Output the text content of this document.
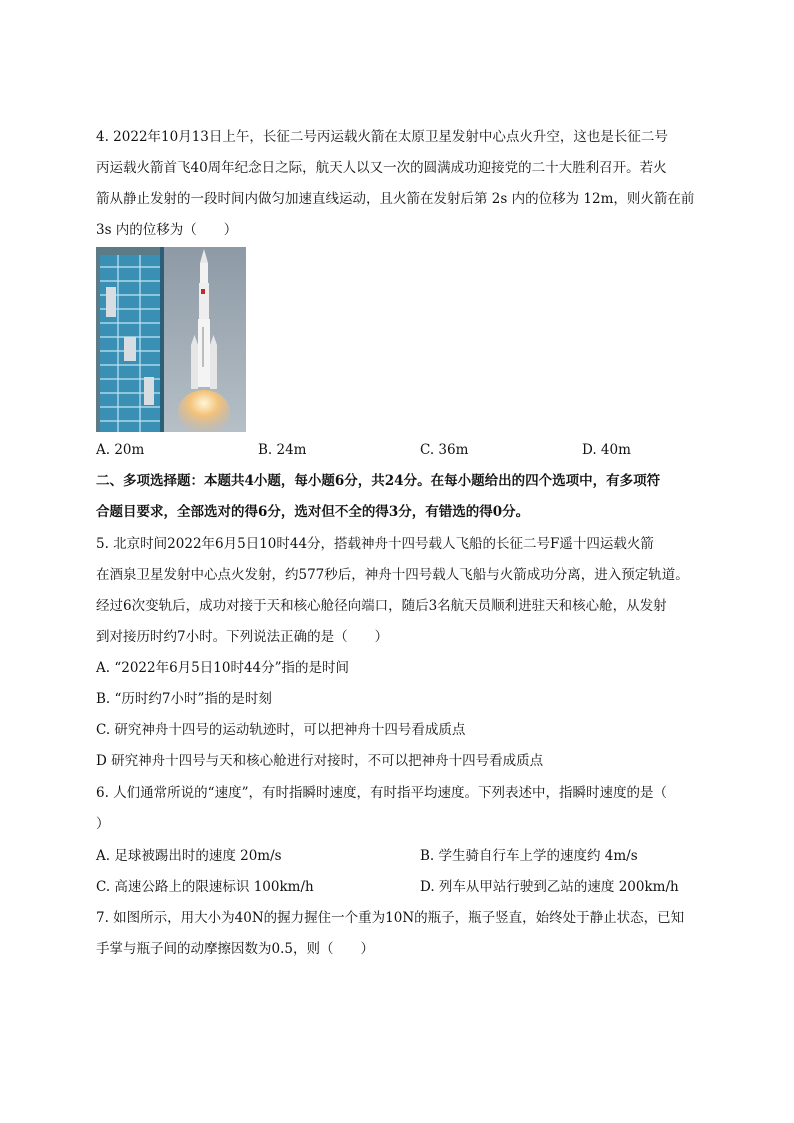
4. 2022年10月13日上午，长征二号丙运载火箭在太原卫星发射中心点火升空，这也是长征二号
丙运载火箭首飞40周年纪念日之际，航天人以又一次的圆满成功迎接党的二十大胜利召开。若火
箭从静止发射的一段时间内做匀加速直线运动，且火箭在发射后第 2s 内的位移为 12m，则火箭在前
3s 内的位移为（　　）
A. 20m	B. 24m	C. 36m	D. 40m
二、多项选择题：本题共4小题，每小题6分，共24分。在每小题给出的四个选项中，有多项符
合题目要求，全部选对的得6分，选对但不全的得3分，有错选的得0分。
5. 北京时间2022年6月5日10时44分，搭载神舟十四号载人飞船的长征二号F遥十四运载火箭
在酒泉卫星发射中心点火发射，约577秒后，神舟十四号载人飞船与火箭成功分离，进入预定轨道。
经过6次变轨后，成功对接于天和核心舱径向端口，随后3名航天员顺利进驻天和核心舱，从发射
到对接历时约7小时。下列说法正确的是（　　）
A. “2022年6月5日10时44分”指的是时间
B. “历时约7小时”指的是时刻
C. 研究神舟十四号的运动轨迹时，可以把神舟十四号看成质点
D 研究神舟十四号与天和核心舱进行对接时，不可以把神舟十四号看成质点
6. 人们通常所说的“速度”，有时指瞬时速度，有时指平均速度。下列表述中，指瞬时速度的是（
）
A. 足球被踢出时的速度 20m/s	B. 学生骑自行车上学的速度约 4m/s
C. 高速公路上的限速标识 100km/h	D. 列车从甲站行驶到乙站的速度 200km/h
7. 如图所示，用大小为40N的握力握住一个重为10N的瓶子，瓶子竖直，始终处于静止状态，已知
手掌与瓶子间的动摩擦因数为0.5，则（　　）
